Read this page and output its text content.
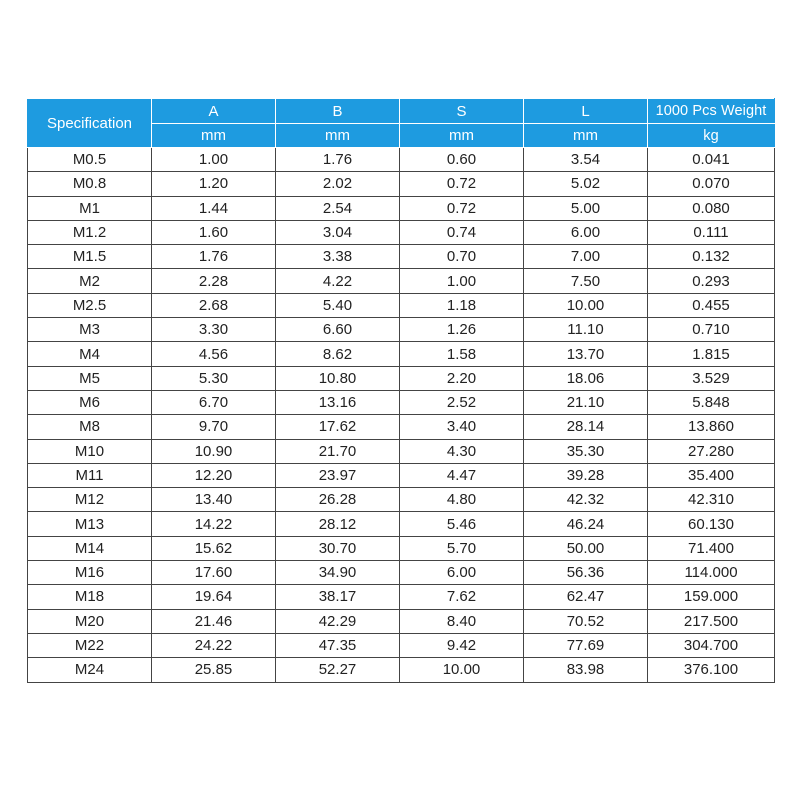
Specification	A	B	S	L	1000 Pcs Weight
	mm	mm	mm	mm	kg
M0.5	1.00	1.76	0.60	3.54	0.041
M0.8	1.20	2.02	0.72	5.02	0.070
M1	1.44	2.54	0.72	5.00	0.080
M1.2	1.60	3.04	0.74	6.00	0.111
M1.5	1.76	3.38	0.70	7.00	0.132
M2	2.28	4.22	1.00	7.50	0.293
M2.5	2.68	5.40	1.18	10.00	0.455
M3	3.30	6.60	1.26	11.10	0.710
M4	4.56	8.62	1.58	13.70	1.815
M5	5.30	10.80	2.20	18.06	3.529
M6	6.70	13.16	2.52	21.10	5.848
M8	9.70	17.62	3.40	28.14	13.860
M10	10.90	21.70	4.30	35.30	27.280
M11	12.20	23.97	4.47	39.28	35.400
M12	13.40	26.28	4.80	42.32	42.310
M13	14.22	28.12	5.46	46.24	60.130
M14	15.62	30.70	5.70	50.00	71.400
M16	17.60	34.90	6.00	56.36	114.000
M18	19.64	38.17	7.62	62.47	159.000
M20	21.46	42.29	8.40	70.52	217.500
M22	24.22	47.35	9.42	77.69	304.700
M24	25.85	52.27	10.00	83.98	376.100
